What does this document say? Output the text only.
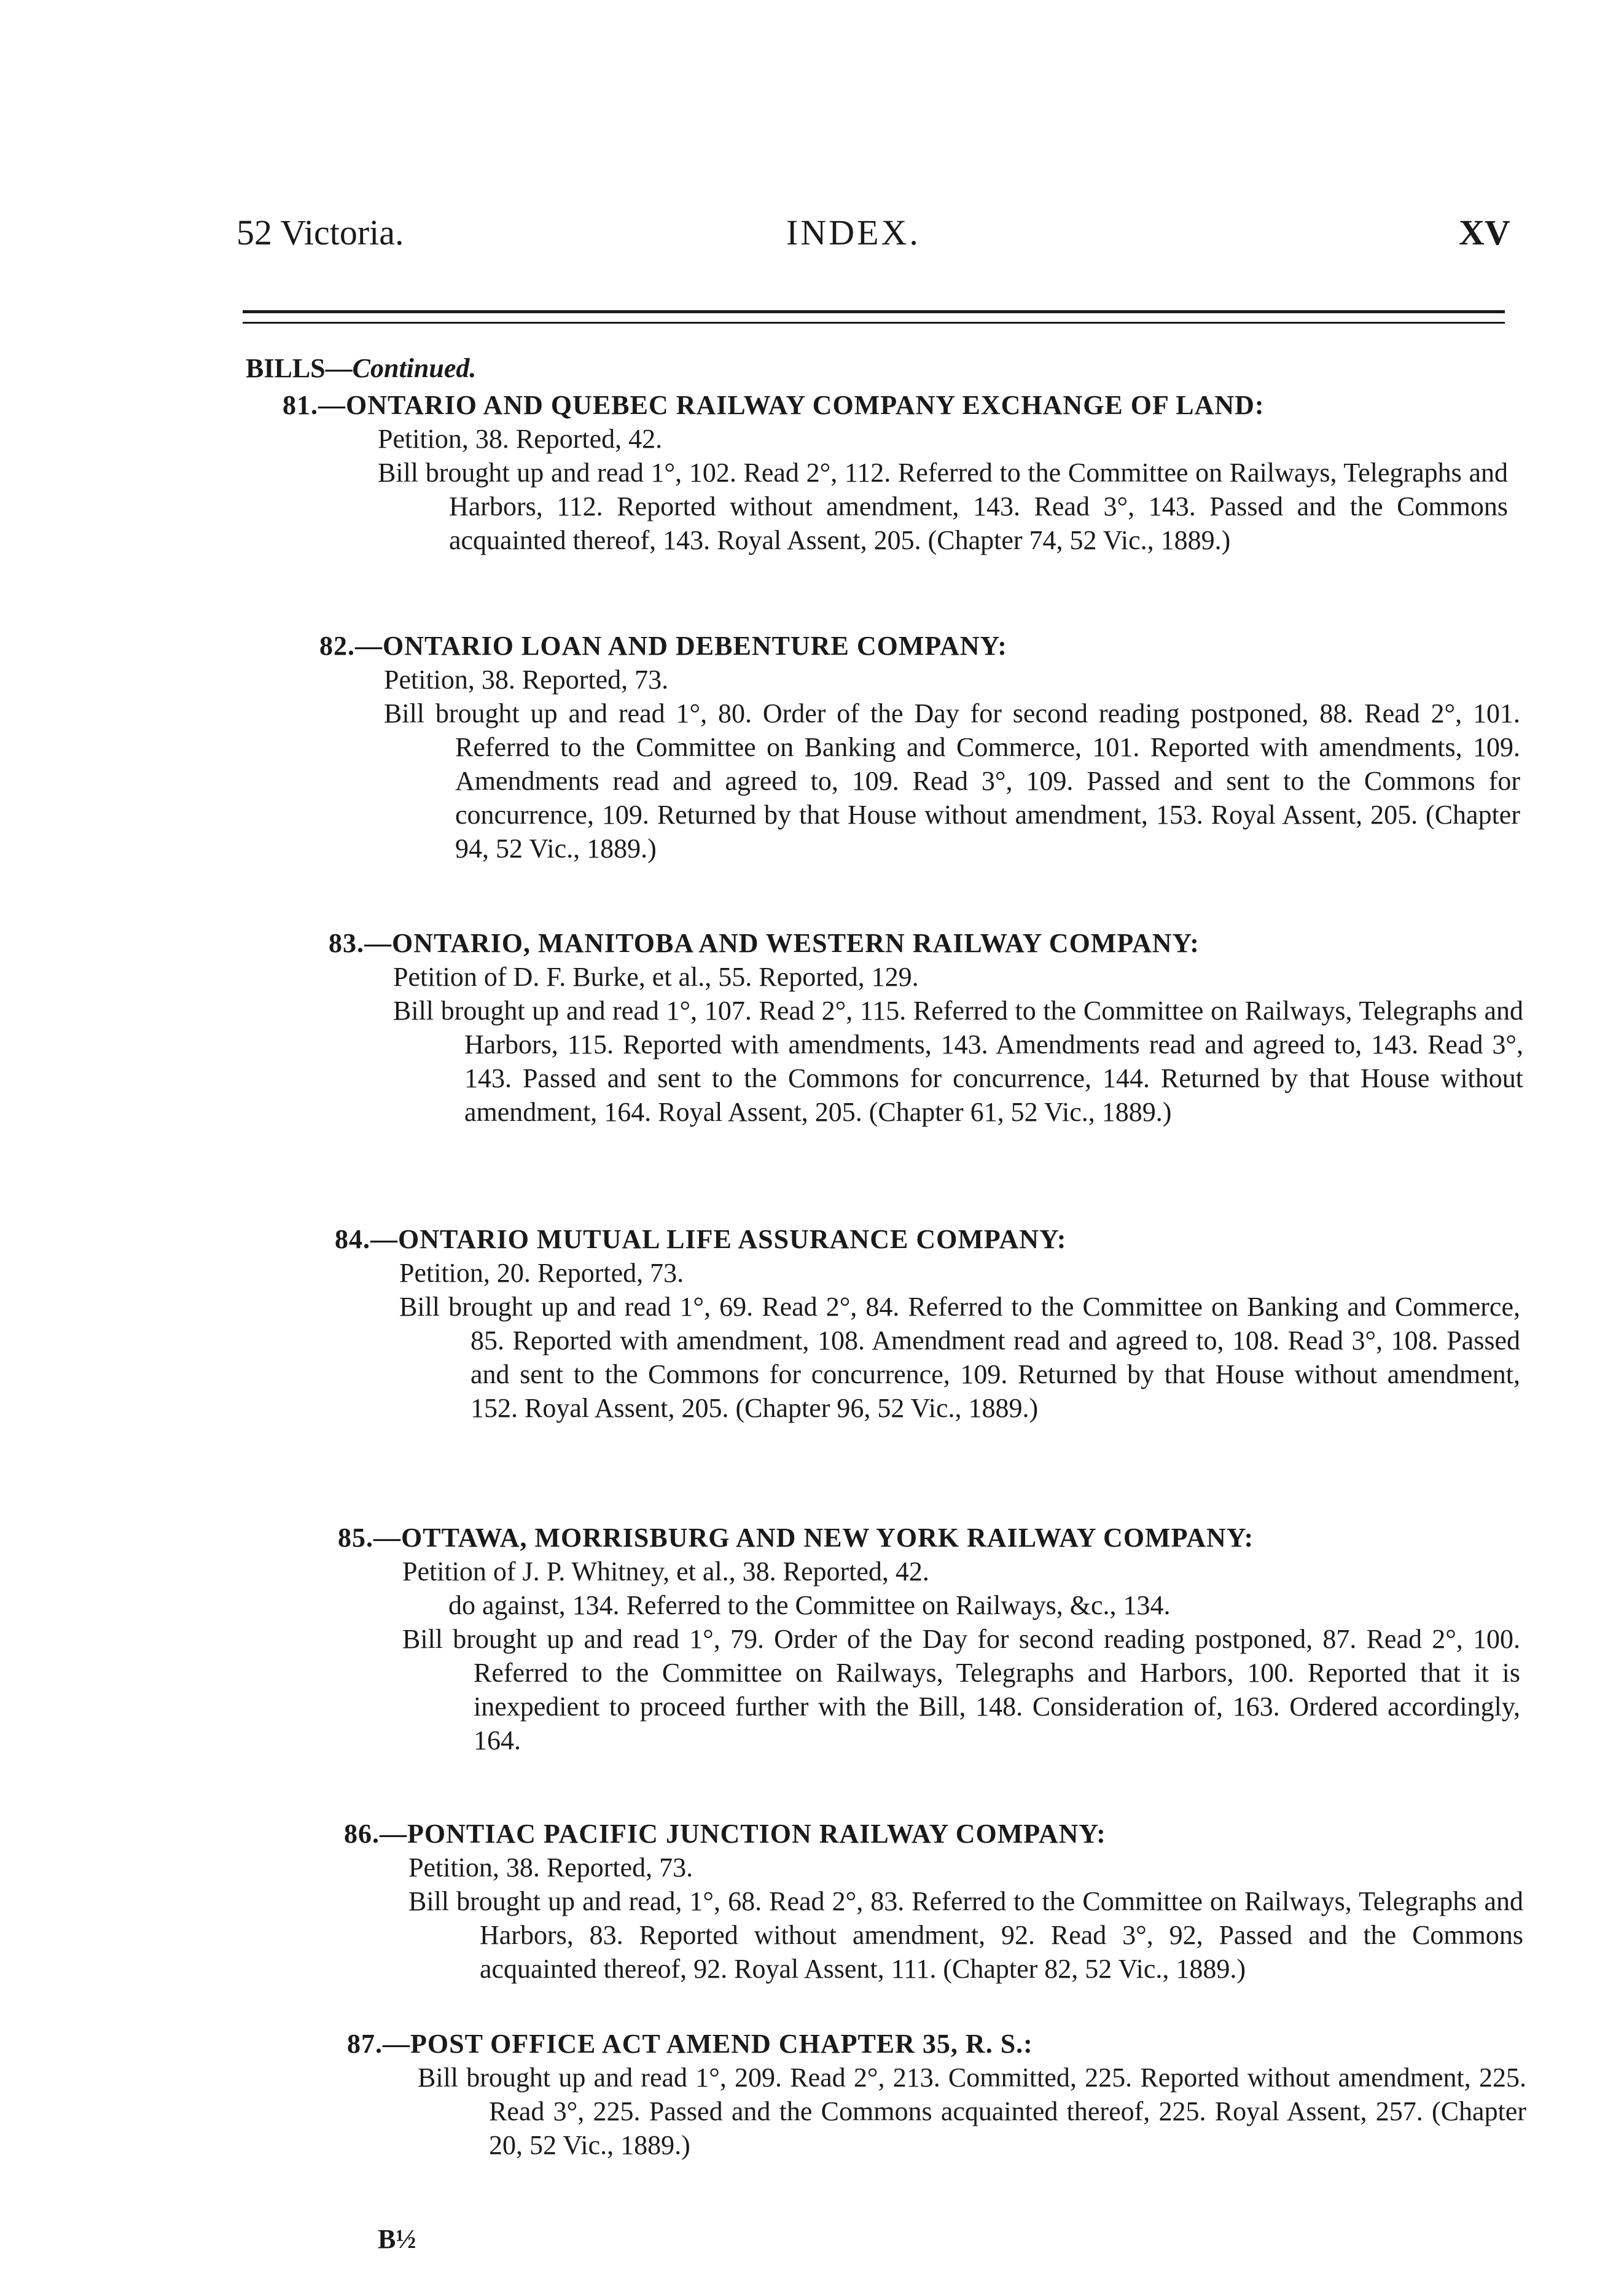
52 Victoria.	INDEX.	XV
BILLS—Continued.
81.—ONTARIO AND QUEBEC RAILWAY COMPANY EXCHANGE OF LAND:
Petition, 38. Reported, 42.
Bill brought up and read 1°, 102. Read 2°, 112. Referred to the Committee on Railways, Telegraphs and Harbors, 112. Reported without amendment, 143. Read 3°, 143. Passed and the Commons acquainted thereof, 143. Royal Assent, 205. (Chapter 74, 52 Vic., 1889.)
82.—ONTARIO LOAN AND DEBENTURE COMPANY:
Petition, 38. Reported, 73.
Bill brought up and read 1°, 80. Order of the Day for second reading postponed, 88. Read 2°, 101. Referred to the Committee on Banking and Commerce, 101. Reported with amendments, 109. Amendments read and agreed to, 109. Read 3°, 109. Passed and sent to the Commons for concurrence, 109. Returned by that House without amendment, 153. Royal Assent, 205. (Chapter 94, 52 Vic., 1889.)
83.—ONTARIO, MANITOBA AND WESTERN RAILWAY COMPANY:
Petition of D. F. Burke, et al., 55. Reported, 129.
Bill brought up and read 1°, 107. Read 2°, 115. Referred to the Committee on Railways, Telegraphs and Harbors, 115. Reported with amendments, 143. Amendments read and agreed to, 143. Read 3°, 143. Passed and sent to the Commons for concurrence, 144. Returned by that House without amendment, 164. Royal Assent, 205. (Chapter 61, 52 Vic., 1889.)
84.—ONTARIO MUTUAL LIFE ASSURANCE COMPANY:
Petition, 20. Reported, 73.
Bill brought up and read 1°, 69. Read 2°, 84. Referred to the Committee on Banking and Commerce, 85. Reported with amendment, 108. Amendment read and agreed to, 108. Read 3°, 108. Passed and sent to the Commons for concurrence, 109. Returned by that House without amendment, 152. Royal Assent, 205. (Chapter 96, 52 Vic., 1889.)
85.—OTTAWA, MORRISBURG AND NEW YORK RAILWAY COMPANY:
Petition of J. P. Whitney, et al., 38. Reported, 42.
do against, 134. Referred to the Committee on Railways, &c., 134.
Bill brought up and read 1°, 79. Order of the Day for second reading postponed, 87. Read 2°, 100. Referred to the Committee on Railways, Telegraphs and Harbors, 100. Reported that it is inexpedient to proceed further with the Bill, 148. Consideration of, 163. Ordered accordingly, 164.
86.—PONTIAC PACIFIC JUNCTION RAILWAY COMPANY:
Petition, 38. Reported, 73.
Bill brought up and read, 1°, 68. Read 2°, 83. Referred to the Committee on Railways, Telegraphs and Harbors, 83. Reported without amendment, 92. Read 3°, 92, Passed and the Commons acquainted thereof, 92. Royal Assent, 111. (Chapter 82, 52 Vic., 1889.)
87.—POST OFFICE ACT AMEND CHAPTER 35, R. S.:
Bill brought up and read 1°, 209. Read 2°, 213. Committed, 225. Reported without amendment, 225. Read 3°, 225. Passed and the Commons acquainted thereof, 225. Royal Assent, 257. (Chapter 20, 52 Vic., 1889.)
B½
